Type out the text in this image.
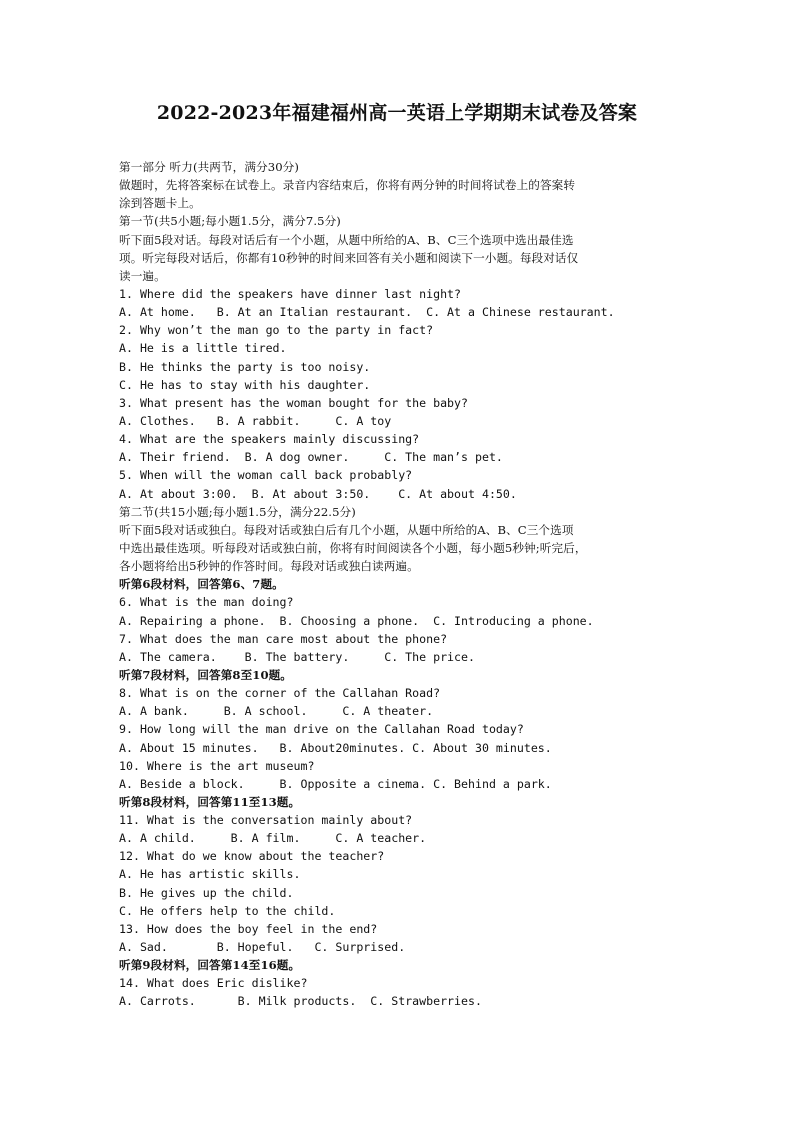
2022-2023年福建福州高一英语上学期期末试卷及答案
第一部分 听力(共两节，满分30分)
做题时，先将答案标在试卷上。录音内容结束后，你将有两分钟的时间将试卷上的答案转
涂到答题卡上。
第一节(共5小题;每小题1.5分，满分7.5分)
听下面5段对话。每段对话后有一个小题，从题中所给的A、B、C三个选项中选出最佳选
项。听完每段对话后，你都有10秒钟的时间来回答有关小题和阅读下一小题。每段对话仅
读一遍。
1. Where did the speakers have dinner last night?
A. At home.   B. At an Italian restaurant.  C. At a Chinese restaurant.
2. Why won’t the man go to the party in fact?
A. He is a little tired.
B. He thinks the party is too noisy.
C. He has to stay with his daughter.
3. What present has the woman bought for the baby?
A. Clothes.   B. A rabbit.     C. A toy
4. What are the speakers mainly discussing?
A. Their friend.  B. A dog owner.     C. The man’s pet.
5. When will the woman call back probably?
A. At about 3:00.  B. At about 3:50.    C. At about 4:50.
第二节(共15小题;每小题1.5分，满分22.5分)
听下面5段对话或独白。每段对话或独白后有几个小题，从题中所给的A、B、C三个选项
中选出最佳选项。听每段对话或独白前，你将有时间阅读各个小题，每小题5秒钟;听完后，
各小题将给出5秒钟的作答时间。每段对话或独白读两遍。
听第6段材料，回答第6、7题。
6. What is the man doing?
A. Repairing a phone.  B. Choosing a phone.  C. Introducing a phone.
7. What does the man care most about the phone?
A. The camera.    B. The battery.     C. The price.
听第7段材料，回答第8至10题。
8. What is on the corner of the Callahan Road?
A. A bank.     B. A school.     C. A theater.
9. How long will the man drive on the Callahan Road today?
A. About 15 minutes.   B. About20minutes. C. About 30 minutes.
10. Where is the art museum?
A. Beside a block.     B. Opposite a cinema. C. Behind a park.
听第8段材料，回答第11至13题。
11. What is the conversation mainly about?
A. A child.     B. A film.     C. A teacher.
12. What do we know about the teacher?
A. He has artistic skills.
B. He gives up the child.
C. He offers help to the child.
13. How does the boy feel in the end?
A. Sad.       B. Hopeful.   C. Surprised.
听第9段材料，回答第14至16题。
14. What does Eric dislike?
A. Carrots.      B. Milk products.  C. Strawberries.
